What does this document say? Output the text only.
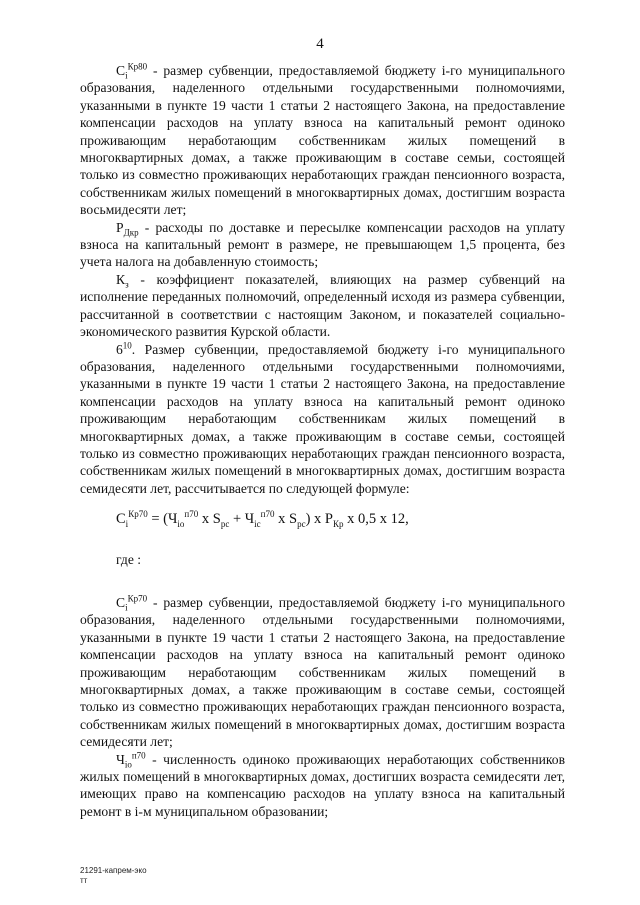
4

$С_i^{Кр80}$ - размер субвенции, предоставляемой бюджету i-го муниципального образования, наделенного отдельными государственными полномочиями, указанными в пункте 19 части 1 статьи 2 настоящего Закона, на предоставление компенсации расходов на уплату взноса на капитальный ремонт одиноко проживающим неработающим собственникам жилых помещений в многоквартирных домах, а также проживающим в составе семьи, состоящей только из совместно проживающих неработающих граждан пенсионного возраста, собственникам жилых помещений в многоквартирных домах, достигшим возраста восьмидесяти лет;

$Р_{Дкр}$ - расходы по доставке и пересылке компенсации расходов на уплату взноса на капитальный ремонт в размере, не превышающем 1,5 процента, без учета налога на добавленную стоимость;

$К_з$ - коэффициент показателей, влияющих на размер субвенций на исполнение переданных полномочий, определенный исходя из размера субвенции, рассчитанной в соответствии с настоящим Законом, и показателей социально-экономического развития Курской области.

$6^{10}$. Размер субвенции, предоставляемой бюджету i-го муниципального образования, наделенного отдельными государственными полномочиями, указанными в пункте 19 части 1 статьи 2 настоящего Закона, на предоставление компенсации расходов на уплату взноса на капитальный ремонт одиноко проживающим неработающим собственникам жилых помещений в многоквартирных домах, а также проживающим в составе семьи, состоящей только из совместно проживающих неработающих граждан пенсионного возраста, собственникам жилых помещений в многоквартирных домах, достигшим возраста семидесяти лет, рассчитывается по следующей формуле:

$С_i^{Кр70} = (Ч_{io}^{п70}$ x $S_{pc} + Ч_{ic}^{п70}$ x $S_{pc}$) x $Р_{Кр}$ x 0,5 x 12,
где :

$С_i^{Кр70}$ - размер субвенции, предоставляемой бюджету i-го муниципального образования, наделенного отдельными государственными полномочиями, указанными в пункте 19 части 1 статьи 2 настоящего Закона, на предоставление компенсации расходов на уплату взноса на капитальный ремонт одиноко проживающим неработающим собственникам жилых помещений в многоквартирных домах, а также проживающим в составе семьи, состоящей только из совместно проживающих неработающих граждан пенсионного возраста, собственникам жилых помещений в многоквартирных домах, достигшим возраста семидесяти лет;

$Ч_{io}^{п70}$ - численность одиноко проживающих неработающих собственников жилых помещений в многоквартирных домах, достигших возраста семидесяти лет, имеющих право на компенсацию расходов на уплату взноса на капитальный ремонт в i-м муниципальном образовании;

21291-капрем-эко
тт
